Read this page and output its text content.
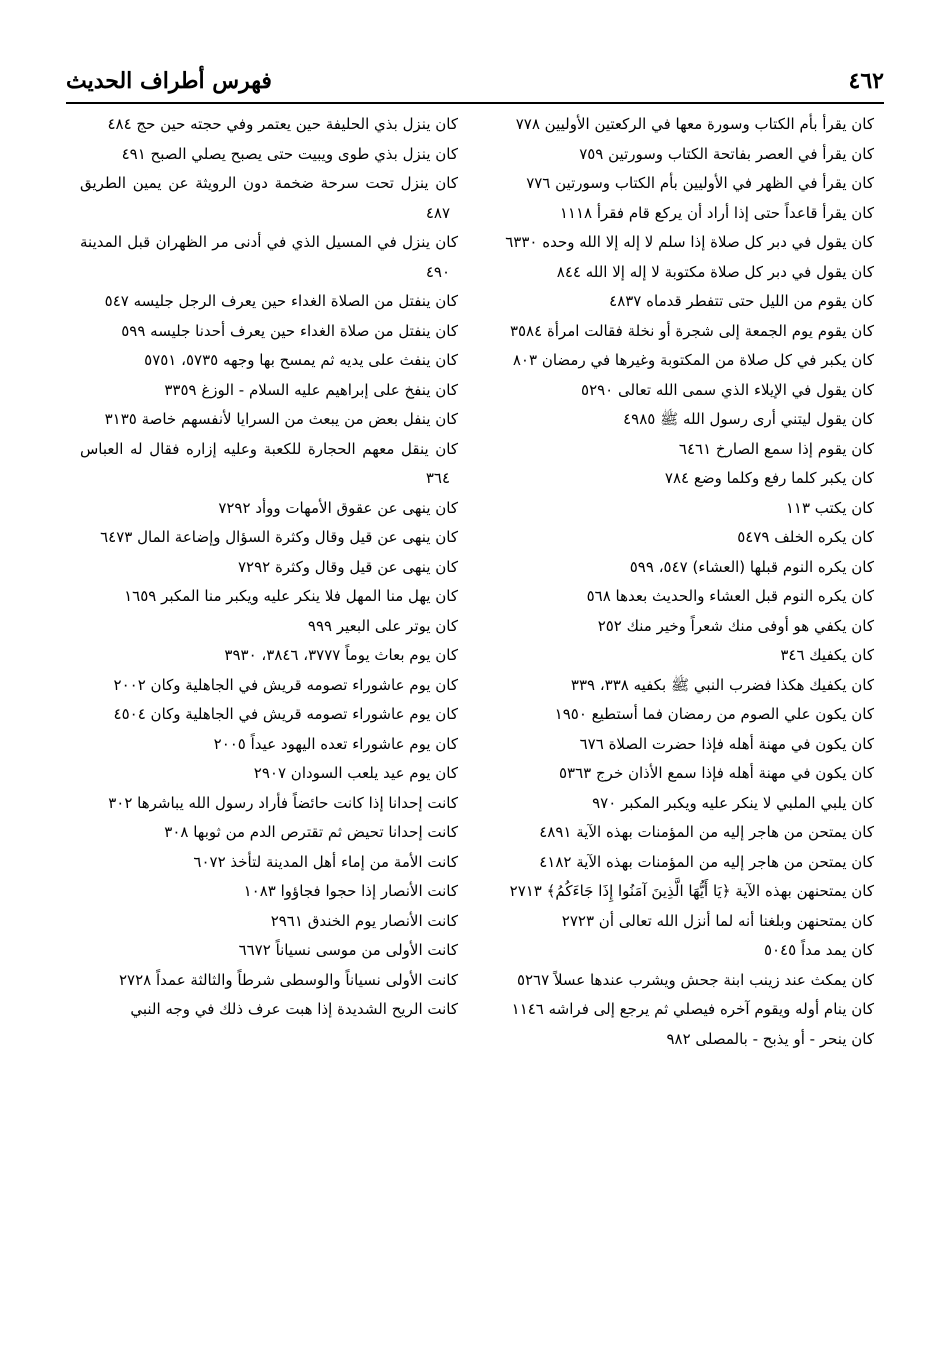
فهرس أطراف الحديث	٤٦٢
كان يقرأ بأم الكتاب وسورة معها في الركعتين الأوليين ٧٧٨
كان يقرأ في العصر بفاتحة الكتاب وسورتين ٧٥٩
كان يقرأ في الظهر في الأوليين بأم الكتاب وسورتين ٧٧٦
كان يقرأ قاعداً حتى إذا أراد أن يركع قام فقرأ ١١١٨
كان يقول في دبر كل صلاة إذا سلم لا إله إلا الله وحده ٦٣٣٠
كان يقول في دبر كل صلاة مكتوبة لا إله إلا الله ٨٤٤
كان يقوم من الليل حتى تتفطر قدماه ٤٨٣٧
كان يقوم يوم الجمعة إلى شجرة أو نخلة فقالت امرأة ٣٥٨٤
كان يكبر في كل صلاة من المكتوبة وغيرها في رمضان ٨٠٣
كان يقول في الإيلاء الذي سمى الله تعالى ٥٢٩٠
كان يقول ليتني أرى رسول الله ﷺ ٤٩٨٥
كان يقوم إذا سمع الصارخ ٦٤٦١
كان يكبر كلما رفع وكلما وضع ٧٨٤
كان يكتب ١١٣
كان يكره الخلف ٥٤٧٩
كان يكره النوم قبلها (العشاء) ٥٤٧، ٥٩٩
كان يكره النوم قبل العشاء والحديث بعدها ٥٦٨
كان يكفي هو أوفى منك شعراً وخير منك ٢٥٢
كان يكفيك ٣٤٦
كان يكفيك هكذا فضرب النبي ﷺ بكفيه ٣٣٨، ٣٣٩
كان يكون علي الصوم من رمضان فما أستطيع ١٩٥٠
كان يكون في مهنة أهله فإذا حضرت الصلاة ٦٧٦
كان يكون في مهنة أهله فإذا سمع الأذان خرج ٥٣٦٣
كان يلبي الملبي لا ينكر عليه ويكبر المكبر ٩٧٠
كان يمتحن من هاجر إليه من المؤمنات بهذه الآية ٤٨٩١
كان يمتحن من هاجر إليه من المؤمنات بهذه الآية ٤١٨٢
كان يمتحنهن بهذه الآية ﴿يَا أَيُّهَا الَّذِينَ آمَنُوا إِذَا جَاءَكُمُ﴾ ٢٧١٣
كان يمتحنهن وبلغنا أنه لما أنزل الله تعالى أن ٢٧٢٣
كان يمد مداً ٥٠٤٥
كان يمكث عند زينب ابنة جحش ويشرب عندها عسلاً ٥٢٦٧
كان ينام أوله ويقوم آخره فيصلي ثم يرجع إلى فراشه ١١٤٦
كان ينحر - أو يذبح - بالمصلى ٩٨٢
كان ينزل بذي الحليفة حين يعتمر وفي حجته حين حج ٤٨٤
كان ينزل بذي طوى ويبيت حتى يصبح يصلي الصبح ٤٩١
كان ينزل تحت سرحة ضخمة دون الرويثة عن يمين الطريق ٤٨٧
كان ينزل في المسيل الذي في أدنى مر الظهران قبل المدينة ٤٩٠
كان ينفتل من الصلاة الغداء حين يعرف الرجل جليسه ٥٤٧
كان ينفتل من صلاة الغداء حين يعرف أحدنا جليسه ٥٩٩
كان ينفث على يديه ثم يمسح بها وجهه ٥٧٣٥، ٥٧٥١
كان ينفخ على إبراهيم عليه السلام - الوزغ ٣٣٥٩
كان ينفل بعض من يبعث من السرايا لأنفسهم خاصة ٣١٣٥
كان ينقل معهم الحجارة للكعبة وعليه إزاره فقال له العباس ٣٦٤
كان ينهى عن عقوق الأمهات ووأد ٧٢٩٢
كان ينهى عن قيل وقال وكثرة السؤال وإضاعة المال ٦٤٧٣
كان ينهى عن قيل وقال وكثرة ٧٢٩٢
كان يهل منا المهل فلا ينكر عليه ويكبر منا المكبر ١٦٥٩
كان يوتر على البعير ٩٩٩
كان يوم بعاث يوماً ٣٧٧٧، ٣٨٤٦، ٣٩٣٠
كان يوم عاشوراء تصومه قريش في الجاهلية وكان ٢٠٠٢
كان يوم عاشوراء تصومه قريش في الجاهلية وكان ٤٥٠٤
كان يوم عاشوراء تعده اليهود عيداً ٢٠٠٥
كان يوم عيد يلعب السودان ٢٩٠٧
كانت إحدانا إذا كانت حائضاً فأراد رسول الله يباشرها ٣٠٢
كانت إحدانا تحيض ثم تقترص الدم من ثوبها ٣٠٨
كانت الأمة من إماء أهل المدينة لتأخذ ٦٠٧٢
كانت الأنصار إذا حجوا فجاؤوا ١٠٨٣
كانت الأنصار يوم الخندق ٢٩٦١
كانت الأولى من موسى نسياناً ٦٦٧٢
كانت الأولى نسياناً والوسطى شرطاً والثالثة عمداً ٢٧٢٨
كانت الريح الشديدة إذا هبت عرف ذلك في وجه النبي
